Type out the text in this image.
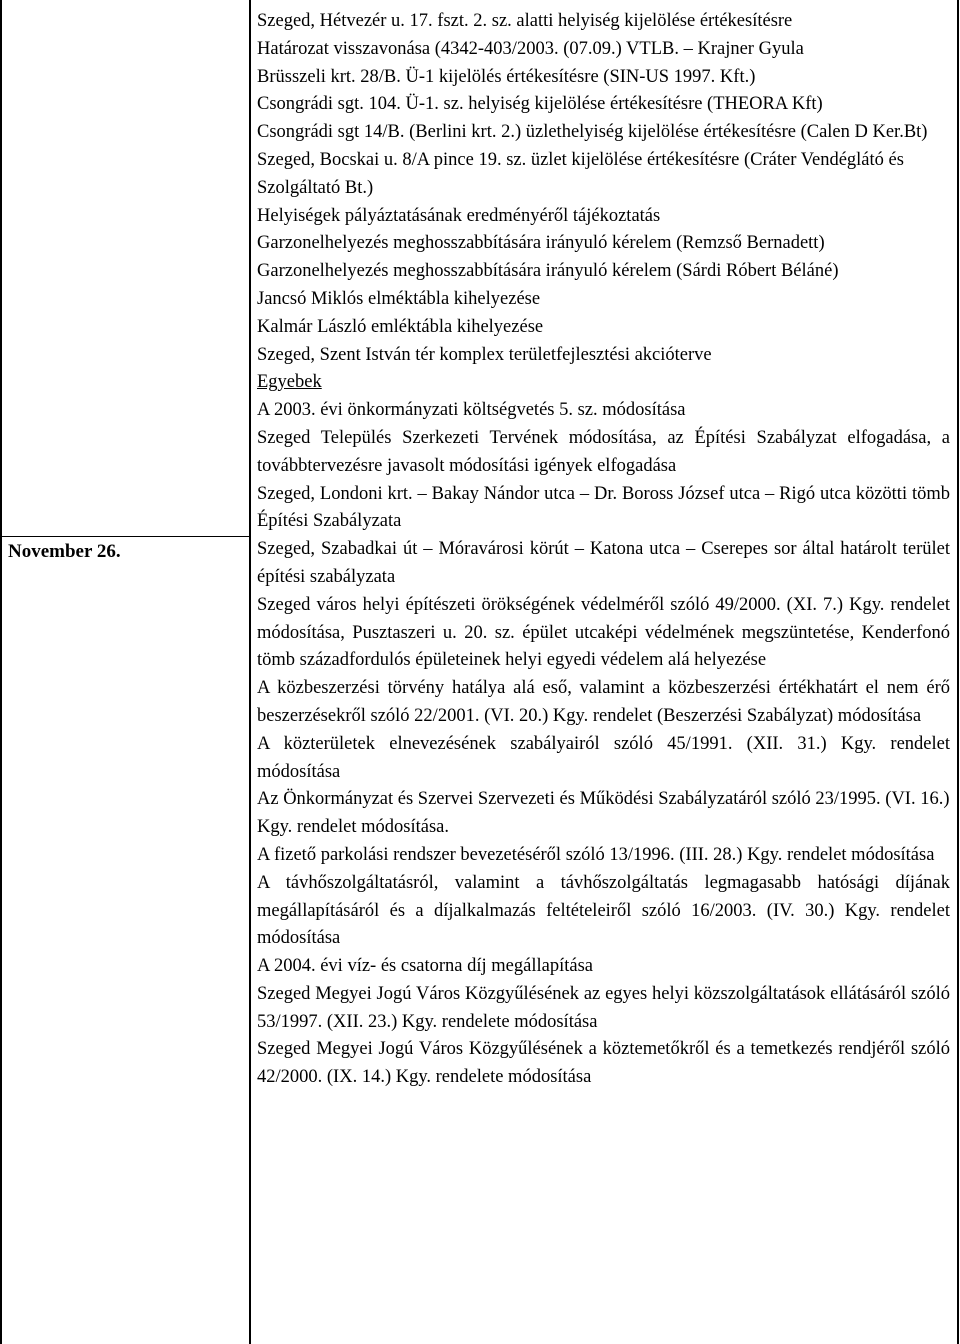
November 26.

Szeged, Hétvezér u. 17. fszt. 2. sz. alatti helyiség kijelölése értékesítésre

Határozat visszavonása (4342-403/2003. (07.09.) VTLB. – Krajner Gyula

Brüsszeli krt. 28/B. Ü-1 kijelölés értékesítésre (SIN-US 1997. Kft.)

Csongrádi sgt. 104. Ü-1. sz. helyiség kijelölése értékesítésre (THEORA Kft)

Csongrádi sgt 14/B. (Berlini krt. 2.) üzlethelyiség kijelölése értékesítésre (Calen D Ker.Bt)

Szeged, Bocskai u. 8/A pince 19. sz. üzlet kijelölése értékesítésre (Cráter Vendéglátó és Szolgáltató Bt.)

Helyiségek pályáztatásának eredményéről tájékoztatás

Garzonelhelyezés meghosszabbítására irányuló kérelem (Remzső Bernadett)

Garzonelhelyezés meghosszabbítására irányuló kérelem (Sárdi Róbert Béláné)

Jancsó Miklós elméktábla kihelyezése

Kalmár László emléktábla kihelyezése

Szeged, Szent István tér komplex területfejlesztési akcióterve

Egyebek

A 2003. évi önkormányzati költségvetés 5. sz. módosítása

Szeged Település Szerkezeti Tervének módosítása, az Építési Szabályzat elfogadása, a továbbtervezésre javasolt módosítási igények elfogadása

Szeged, Londoni krt. – Bakay Nándor utca – Dr. Boross József utca – Rigó utca közötti tömb Építési Szabályzata

Szeged, Szabadkai út – Móravárosi körút – Katona utca – Cserepes sor által határolt terület építési szabályzata

Szeged város helyi építészeti örökségének védelméről szóló 49/2000. (XI. 7.) Kgy. rendelet módosítása, Pusztaszeri u. 20. sz. épület utcaképi védelmének megszüntetése, Kenderfonó tömb századfordulós épületeinek helyi egyedi védelem alá helyezése

A közbeszerzési törvény hatálya alá eső, valamint a közbeszerzési értékhatárt el nem érő beszerzésekről szóló 22/2001. (VI. 20.) Kgy. rendelet (Beszerzési Szabályzat) módosítása

A közterületek elnevezésének szabályairól szóló 45/1991. (XII. 31.) Kgy. rendelet módosítása

Az Önkormányzat és Szervei Szervezeti és Működési Szabályzatáról szóló 23/1995. (VI. 16.) Kgy. rendelet módosítása.

A fizető parkolási rendszer bevezetéséről szóló 13/1996. (III. 28.) Kgy. rendelet módosítása

A távhőszolgáltatásról, valamint a távhőszolgáltatás legmagasabb hatósági díjának megállapításáról és a díjalkalmazás feltételeiről szóló 16/2003. (IV. 30.) Kgy. rendelet módosítása

A 2004. évi víz- és csatorna díj megállapítása

Szeged Megyei Jogú Város Közgyűlésének az egyes helyi közszolgáltatások ellátásáról szóló 53/1997. (XII. 23.) Kgy. rendelete módosítása

Szeged Megyei Jogú Város Közgyűlésének a köztemetőkről és a temetkezés rendjéről szóló 42/2000. (IX. 14.) Kgy. rendelete módosítása
